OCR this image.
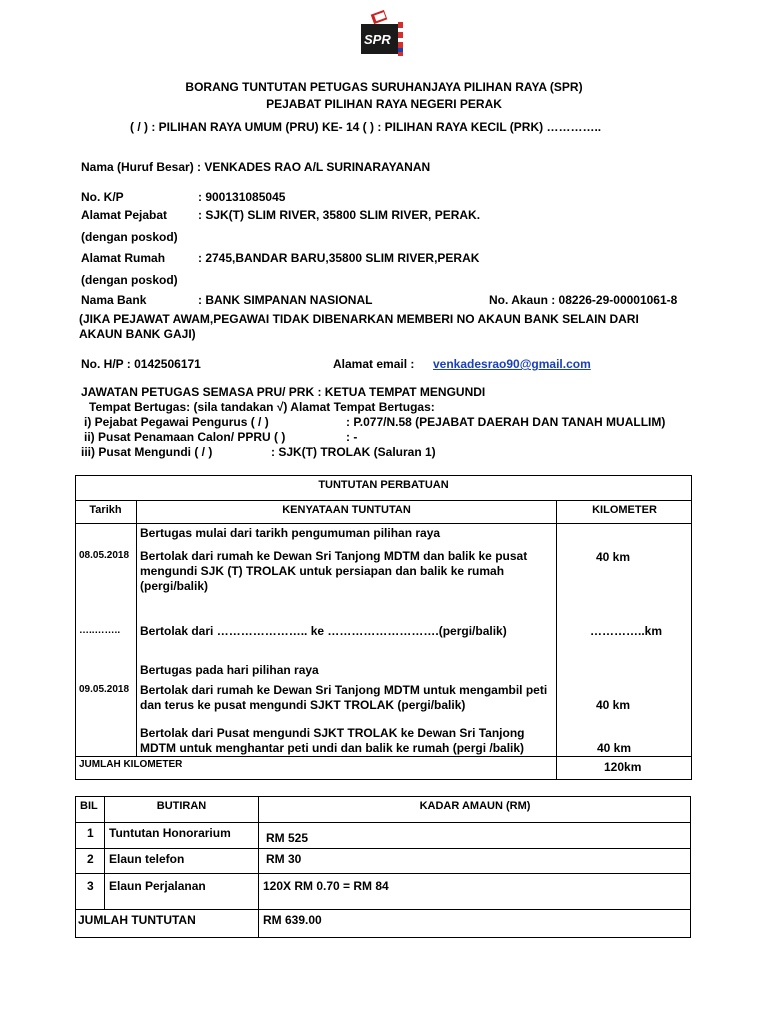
SPR
BORANG TUNTUTAN PETUGAS SURUHANJAYA PILIHAN RAYA (SPR)
PEJABAT PILIHAN RAYA NEGERI PERAK
( / ) : PILIHAN RAYA UMUM (PRU) KE- 14 ( ) : PILIHAN RAYA KECIL (PRK) …………..
Nama (Huruf Besar) : VENKADES RAO A/L SURINARAYANAN
No. K/P	: 900131085045
Alamat Pejabat	: SJK(T) SLIM RIVER, 35800 SLIM RIVER, PERAK.
(dengan poskod)
Alamat Rumah	: 2745,BANDAR BARU,35800 SLIM RIVER,PERAK
(dengan poskod)
Nama Bank	: BANK SIMPANAN NASIONAL	No. Akaun : 08226-29-00001061-8
(JIKA PEJAWAT AWAM,PEGAWAI TIDAK DIBENARKAN MEMBERI NO AKAUN BANK SELAIN DARI
AKAUN BANK GAJI)
No. H/P : 0142506171	Alamat email : venkadesrao90@gmail.com
JAWATAN PETUGAS SEMASA PRU/ PRK : KETUA TEMPAT MENGUNDI
Tempat Bertugas: (sila tandakan √) Alamat Tempat Bertugas:
i) Pejabat Pegawai Pengurus ( / )	: P.077/N.58 (PEJABAT DAERAH DAN TANAH MUALLIM)
ii) Pusat Penamaan Calon/ PPRU ( )	: -
iii) Pusat Mengundi ( / )	: SJK(T) TROLAK (Saluran 1)
TUNTUTAN PERBATUAN
Tarikh	KENYATAAN TUNTUTAN	KILOMETER
Bertugas mulai dari tarikh pengumuman pilihan raya
08.05.2018 Bertolak dari rumah ke Dewan Sri Tanjong MDTM dan balik ke pusat mengundi SJK (T) TROLAK untuk persiapan dan balik ke rumah (pergi/balik)
40 km
…..…….. Bertolak dari ………………….. ke ……………………….(pergi/balik)	…………..km
Bertugas pada hari pilihan raya
09.05.2018 Bertolak dari rumah ke Dewan Sri Tanjong MDTM untuk mengambil peti dan terus ke pusat mengundi SJKT TROLAK (pergi/balik)	40 km
Bertolak dari Pusat mengundi SJKT TROLAK ke Dewan Sri Tanjong MDTM untuk menghantar peti undi dan balik ke rumah (pergi /balik)	40 km
JUMLAH KILOMETER	120km
BIL	BUTIRAN	KADAR AMAUN (RM)
1 Tuntutan Honorarium	RM 525
2 Elaun telefon	RM 30
3 Elaun Perjalanan	120X RM 0.70 = RM 84
JUMLAH TUNTUTAN	RM 639.00
